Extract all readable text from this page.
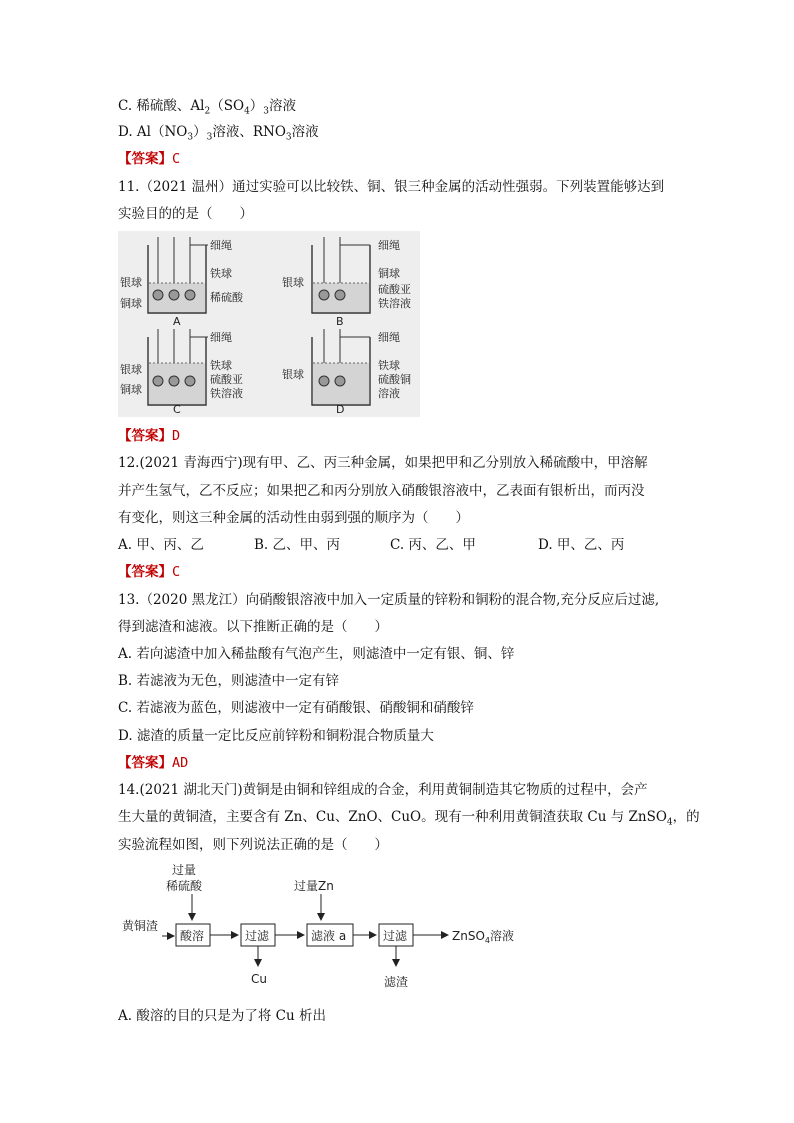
C. 稀硫酸、$Al_2(SO_4)_3$溶液
D. $Al(NO_3)_3$溶液、$RNO_3$溶液
【答案】C
11.（2021 温州）通过实验可以比较铁、铜、银三种金属的活动性强弱。下列装置能够达到
实验目的的是（　　）
细绳
铁球
稀硫酸
银球
铜球
A
细绳
铜球
硫酸亚
铁溶液
银球
B
细绳
铁球
硫酸亚
铁溶液
银球
铜球
C
细绳
铁球
硫酸铜
溶液
银球
D
【答案】D
12.(2021 青海西宁)现有甲、乙、丙三种金属，如果把甲和乙分别放入稀硫酸中，甲溶解
并产生氢气，乙不反应；如果把乙和丙分别放入硝酸银溶液中，乙表面有银析出，而丙没
有变化，则这三种金属的活动性由弱到强的顺序为（　　）
A. 甲、丙、乙	B. 乙、甲、丙	C. 丙、乙、甲	D. 甲、乙、丙
【答案】C
13.（2020 黑龙江）向硝酸银溶液中加入一定质量的锌粉和铜粉的混合物,充分反应后过滤,
得到滤渣和滤液。以下推断正确的是（　　）
A. 若向滤渣中加入稀盐酸有气泡产生，则滤渣中一定有银、铜、锌
B. 若滤液为无色，则滤渣中一定有锌
C. 若滤液为蓝色，则滤液中一定有硝酸银、硝酸铜和硝酸锌
D. 滤渣的质量一定比反应前锌粉和铜粉混合物质量大
【答案】AD
14.(2021 湖北天门)黄铜是由铜和锌组成的合金，利用黄铜制造其它物质的过程中，会产
生大量的黄铜渣，主要含有 Zn、Cu、ZnO、CuO。现有一种利用黄铜渣获取 Cu 与 ZnSO$_4$，的
实验流程如图，则下列说法正确的是（　　）
过量
稀硫酸	过量Zn
黄铜渣
酸溶	过滤
Cu
滤液 a	过滤
滤渣
ZnSO$_4$溶液
A. 酸溶的目的只是为了将 Cu 析出
